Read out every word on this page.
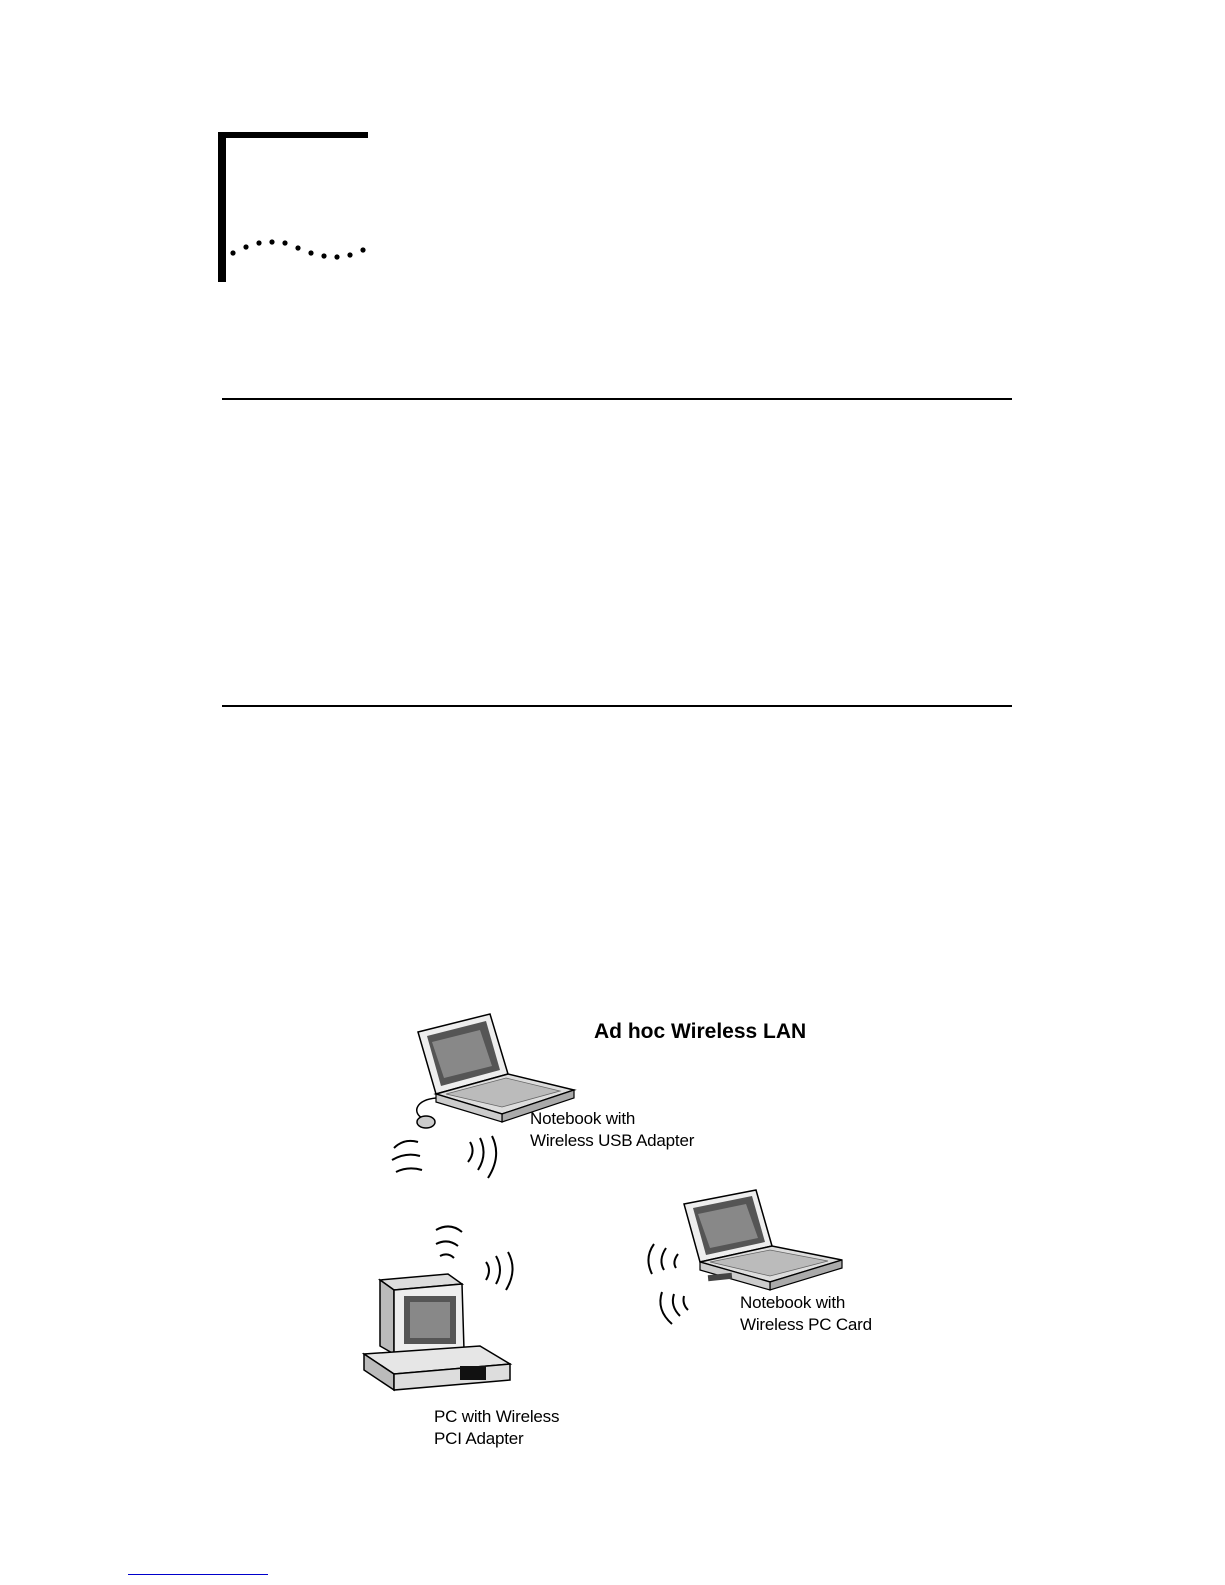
Ad hoc Wireless LAN
Notebook with
Wireless USB Adapter
Notebook with
Wireless PC Card
PC with Wireless
PCI Adapter
